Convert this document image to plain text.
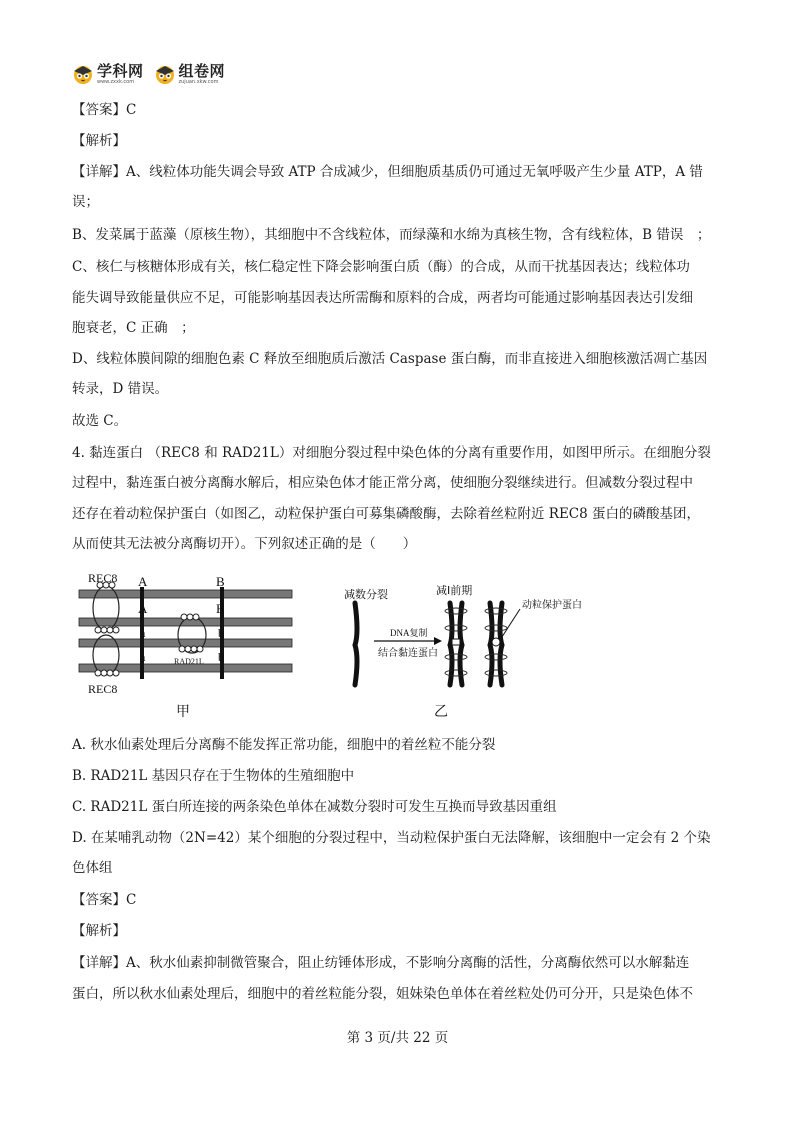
学科网
www.zxxk.com
组卷网
zujuan.xkw.com
【答案】C
【解析】
【详解】A、线粒体功能失调会导致 ATP 合成减少，但细胞质基质仍可通过无氧呼吸产生少量 ATP，A 错
误；
B、发菜属于蓝藻（原核生物），其细胞中不含线粒体，而绿藻和水绵为真核生物，含有线粒体，B 错误　；
C、核仁与核糖体形成有关，核仁稳定性下降会影响蛋白质（酶）的合成，从而干扰基因表达；线粒体功
能失调导致能量供应不足，可能影响基因表达所需酶和原料的合成，两者均可能通过影响基因表达引发细
胞衰老，C 正确　；
D、线粒体膜间隙的细胞色素 C 释放至细胞质后激活 Caspase 蛋白酶，而非直接进入细胞核激活凋亡基因
转录，D 错误。
故选 C。
4. 黏连蛋白 （REC8 和 RAD21L）对细胞分裂过程中染色体的分离有重要作用，如图甲所示。在细胞分裂
过程中，黏连蛋白被分离酶水解后，相应染色体才能正常分离，使细胞分裂继续进行。但减数分裂过程中
还存在着动粒保护蛋白（如图乙，动粒保护蛋白可募集磷酸酶，去除着丝粒附近 REC8 蛋白的磷酸基团，
从而使其无法被分离酶切开）。下列叙述正确的是（　　）
REC8
REC8
RAD21L
A
A
a
a
B
B
b
b
甲
减数分裂	减Ⅰ前期
动粒保护蛋白
DNA复制
结合黏连蛋白
乙
A. 秋水仙素处理后分离酶不能发挥正常功能，细胞中的着丝粒不能分裂
B. RAD21L 基因只存在于生物体的生殖细胞中
C. RAD21L 蛋白所连接的两条染色单体在减数分裂时可发生互换而导致基因重组
D. 在某哺乳动物（2N=42）某个细胞的分裂过程中，当动粒保护蛋白无法降解，该细胞中一定会有 2 个染
色体组
【答案】C
【解析】
【详解】A、秋水仙素抑制微管聚合，阻止纺锤体形成，不影响分离酶的活性，分离酶依然可以水解黏连
蛋白，所以秋水仙素处理后，细胞中的着丝粒能分裂，姐妹染色单体在着丝粒处仍可分开，只是染色体不
第 3 页/共 22 页
